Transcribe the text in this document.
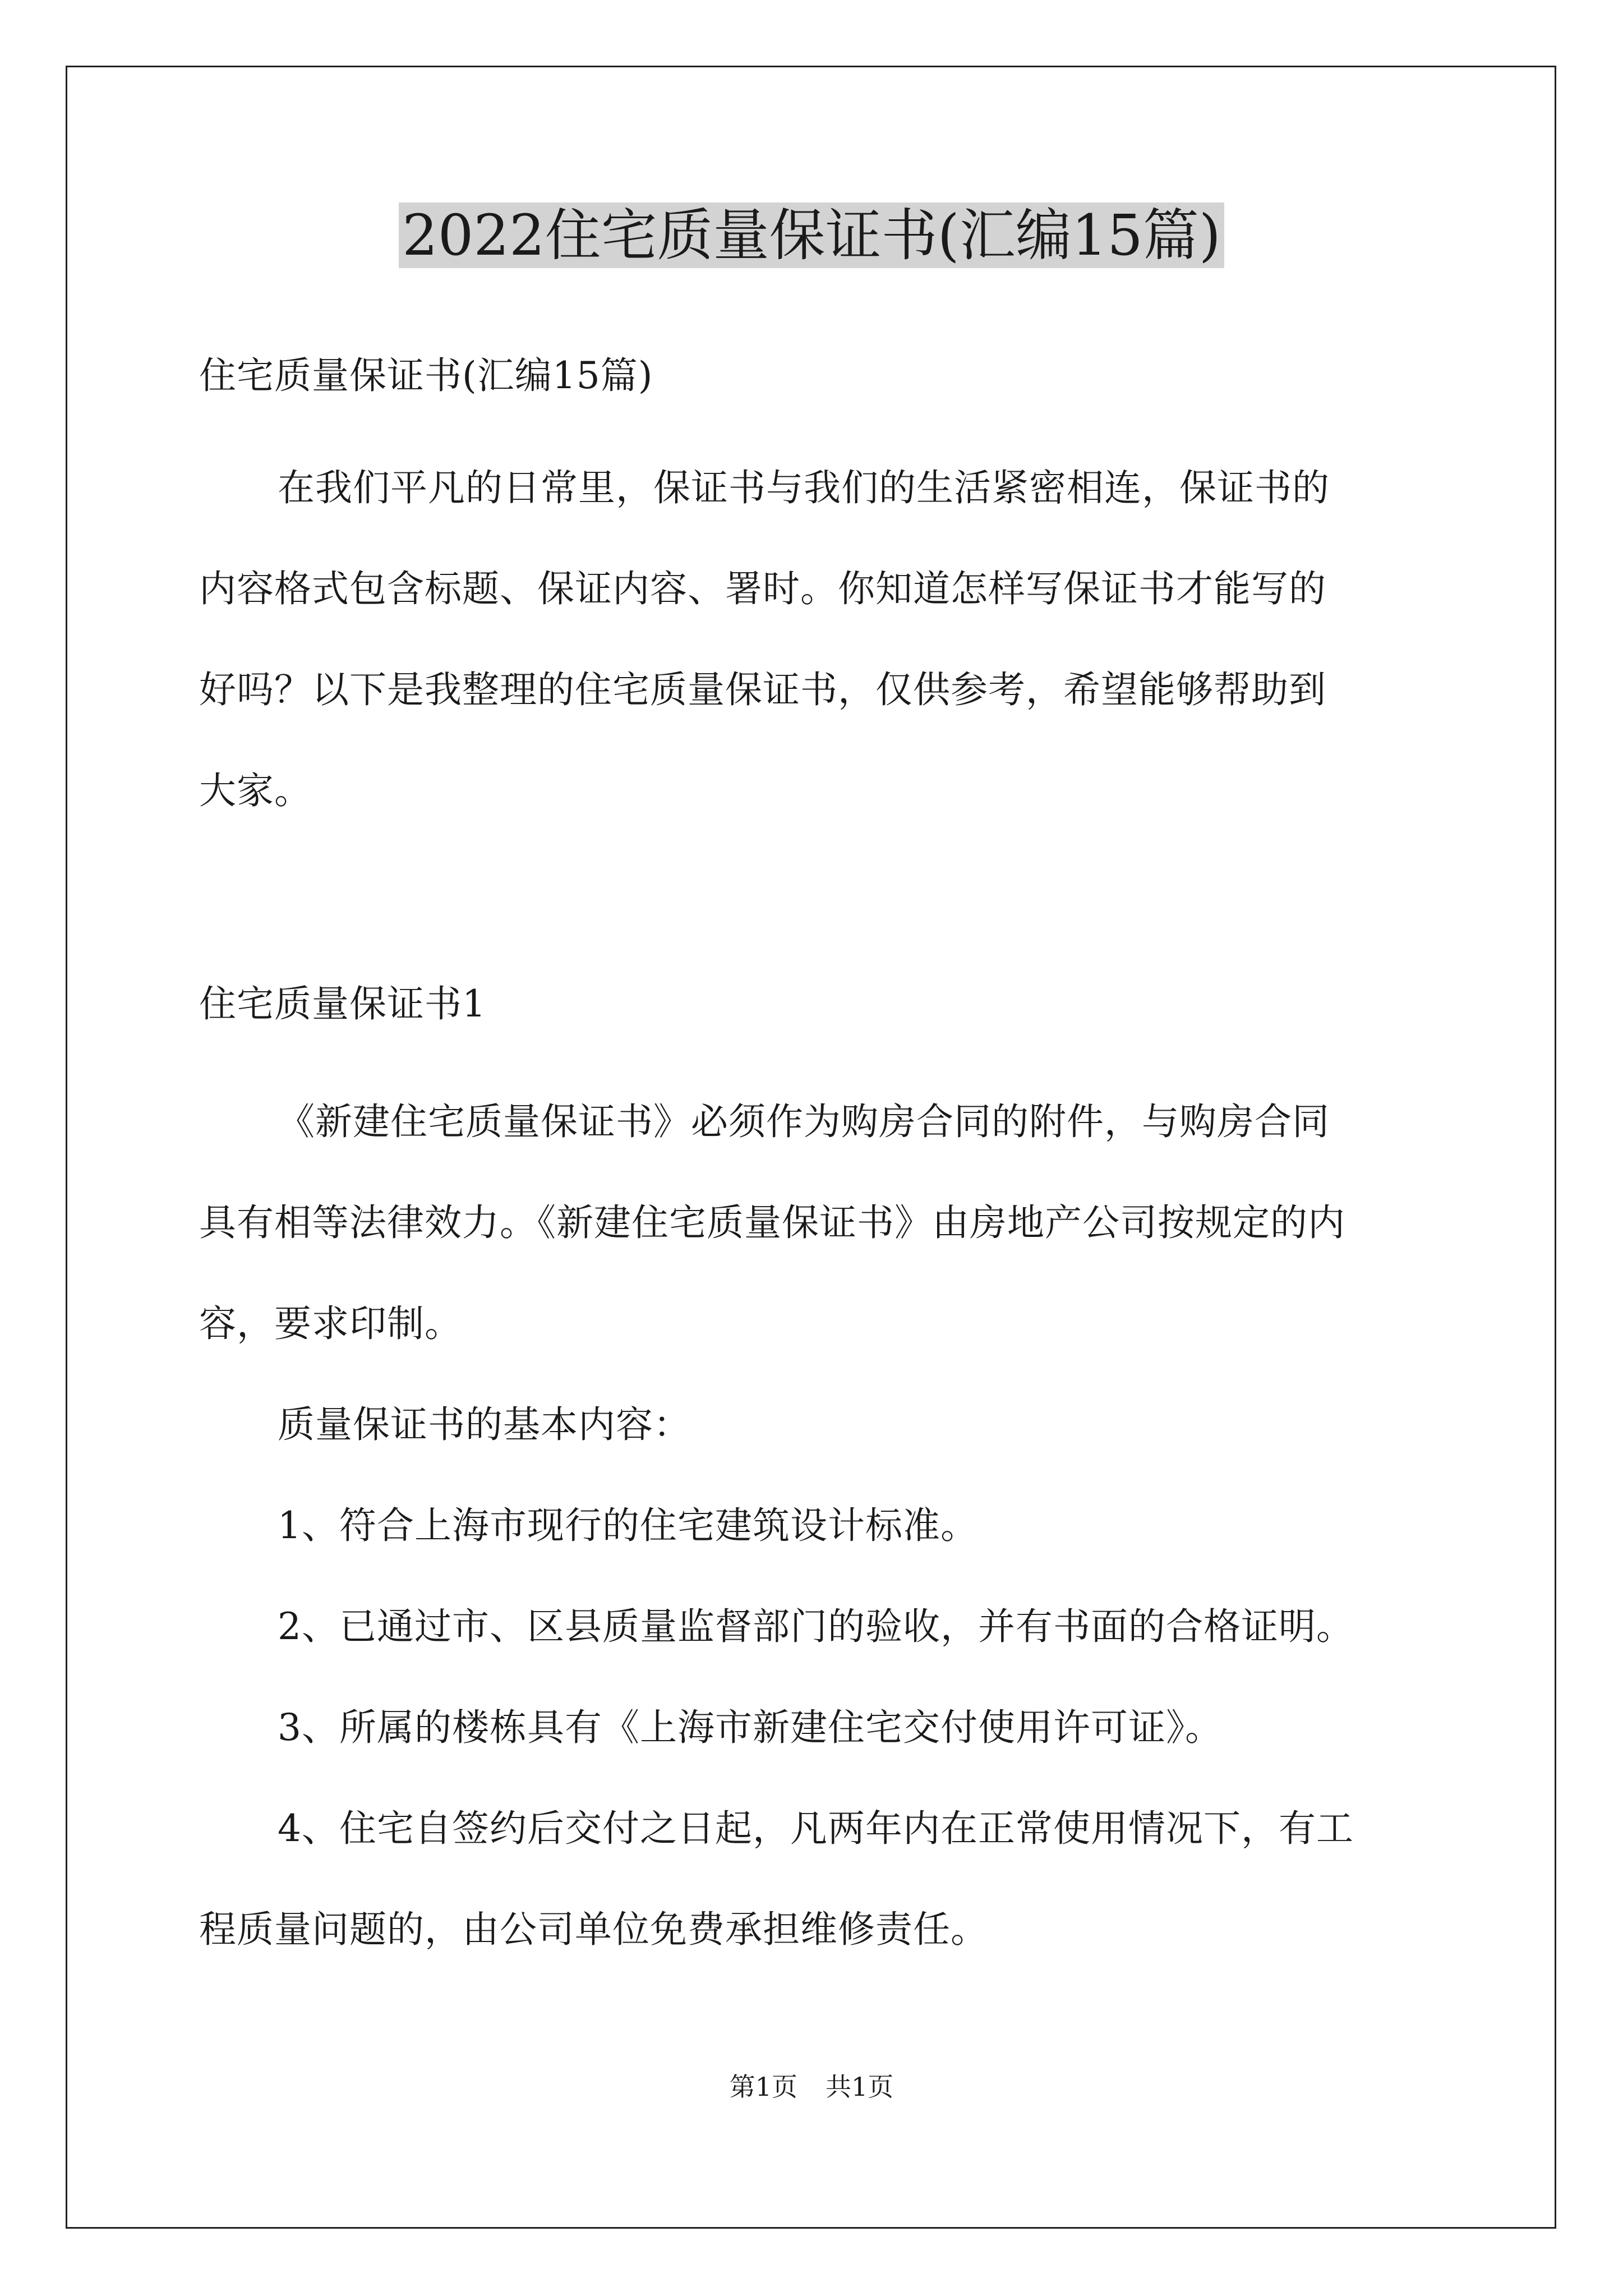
2022住宅质量保证书(汇编15篇)

住宅质量保证书(汇编15篇)

在我们平凡的日常里，保证书与我们的生活紧密相连，保证书的

内容格式包含标题、保证内容、署时。你知道怎样写保证书才能写的

好吗？以下是我整理的住宅质量保证书，仅供参考，希望能够帮助到

大家。

住宅质量保证书1

《新建住宅质量保证书》必须作为购房合同的附件，与购房合同

具有相等法律效力。《新建住宅质量保证书》由房地产公司按规定的内

容，要求印制。

质量保证书的基本内容：

1、符合上海市现行的住宅建筑设计标准。

2、已通过市、区县质量监督部门的验收，并有书面的合格证明。

3、所属的楼栋具有《上海市新建住宅交付使用许可证》。

4、住宅自签约后交付之日起，凡两年内在正常使用情况下，有工

程质量问题的，由公司单位免费承担维修责任。

第1页 共1页
